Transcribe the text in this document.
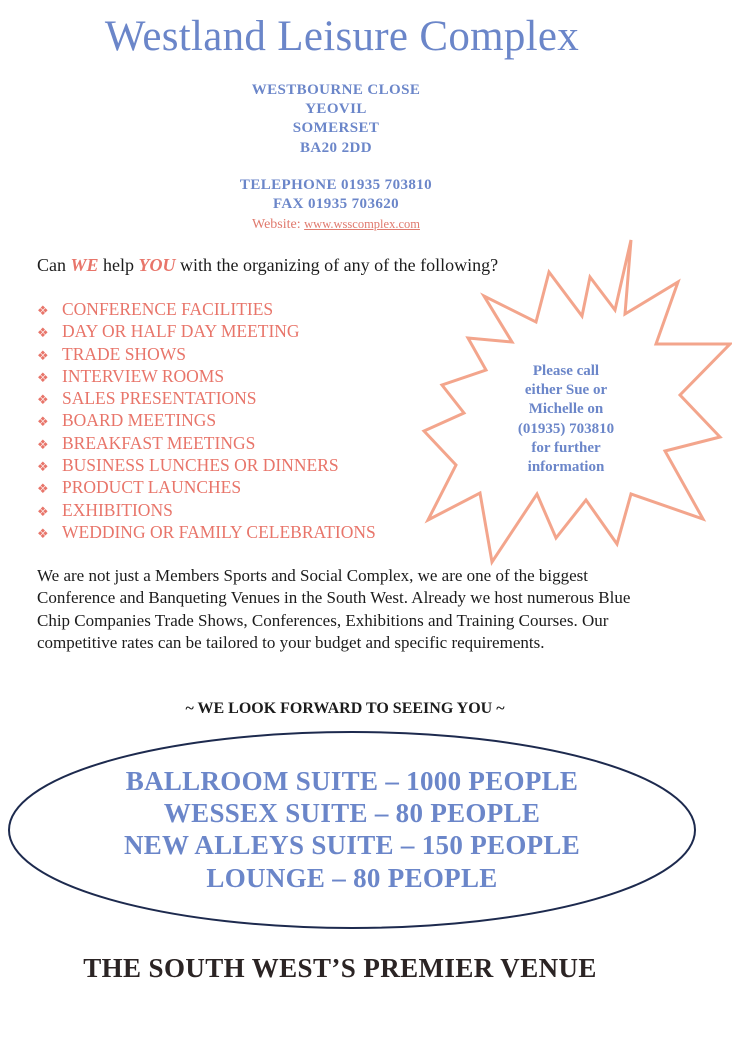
Westland Leisure Complex
WESTBOURNE CLOSE
YEOVIL
SOMERSET
BA20 2DD
TELEPHONE 01935 703810
FAX 01935 703620
Website: www.wsscomplex.com
Can WE help YOU with the organizing of any of the following?
❖ CONFERENCE FACILITIES
❖ DAY OR HALF DAY MEETING
❖ TRADE SHOWS
❖ INTERVIEW ROOMS
❖ SALES PRESENTATIONS
❖ BOARD MEETINGS
❖ BREAKFAST MEETINGS
❖ BUSINESS LUNCHES OR DINNERS
❖ PRODUCT LAUNCHES
❖ EXHIBITIONS
❖ WEDDING OR FAMILY CELEBRATIONS
Please call
either Sue or
Michelle on
(01935) 703810
for further
information
We are not just a Members Sports and Social Complex, we are one of the biggest Conference and Banqueting Venues in the South West. Already we host numerous Blue Chip Companies Trade Shows, Conferences, Exhibitions and Training Courses. Our competitive rates can be tailored to your budget and specific requirements.
~ WE LOOK FORWARD TO SEEING YOU ~
BALLROOM SUITE – 1000 PEOPLE
WESSEX SUITE – 80 PEOPLE
NEW ALLEYS SUITE – 150 PEOPLE
LOUNGE – 80 PEOPLE
THE SOUTH WEST’S PREMIER VENUE
